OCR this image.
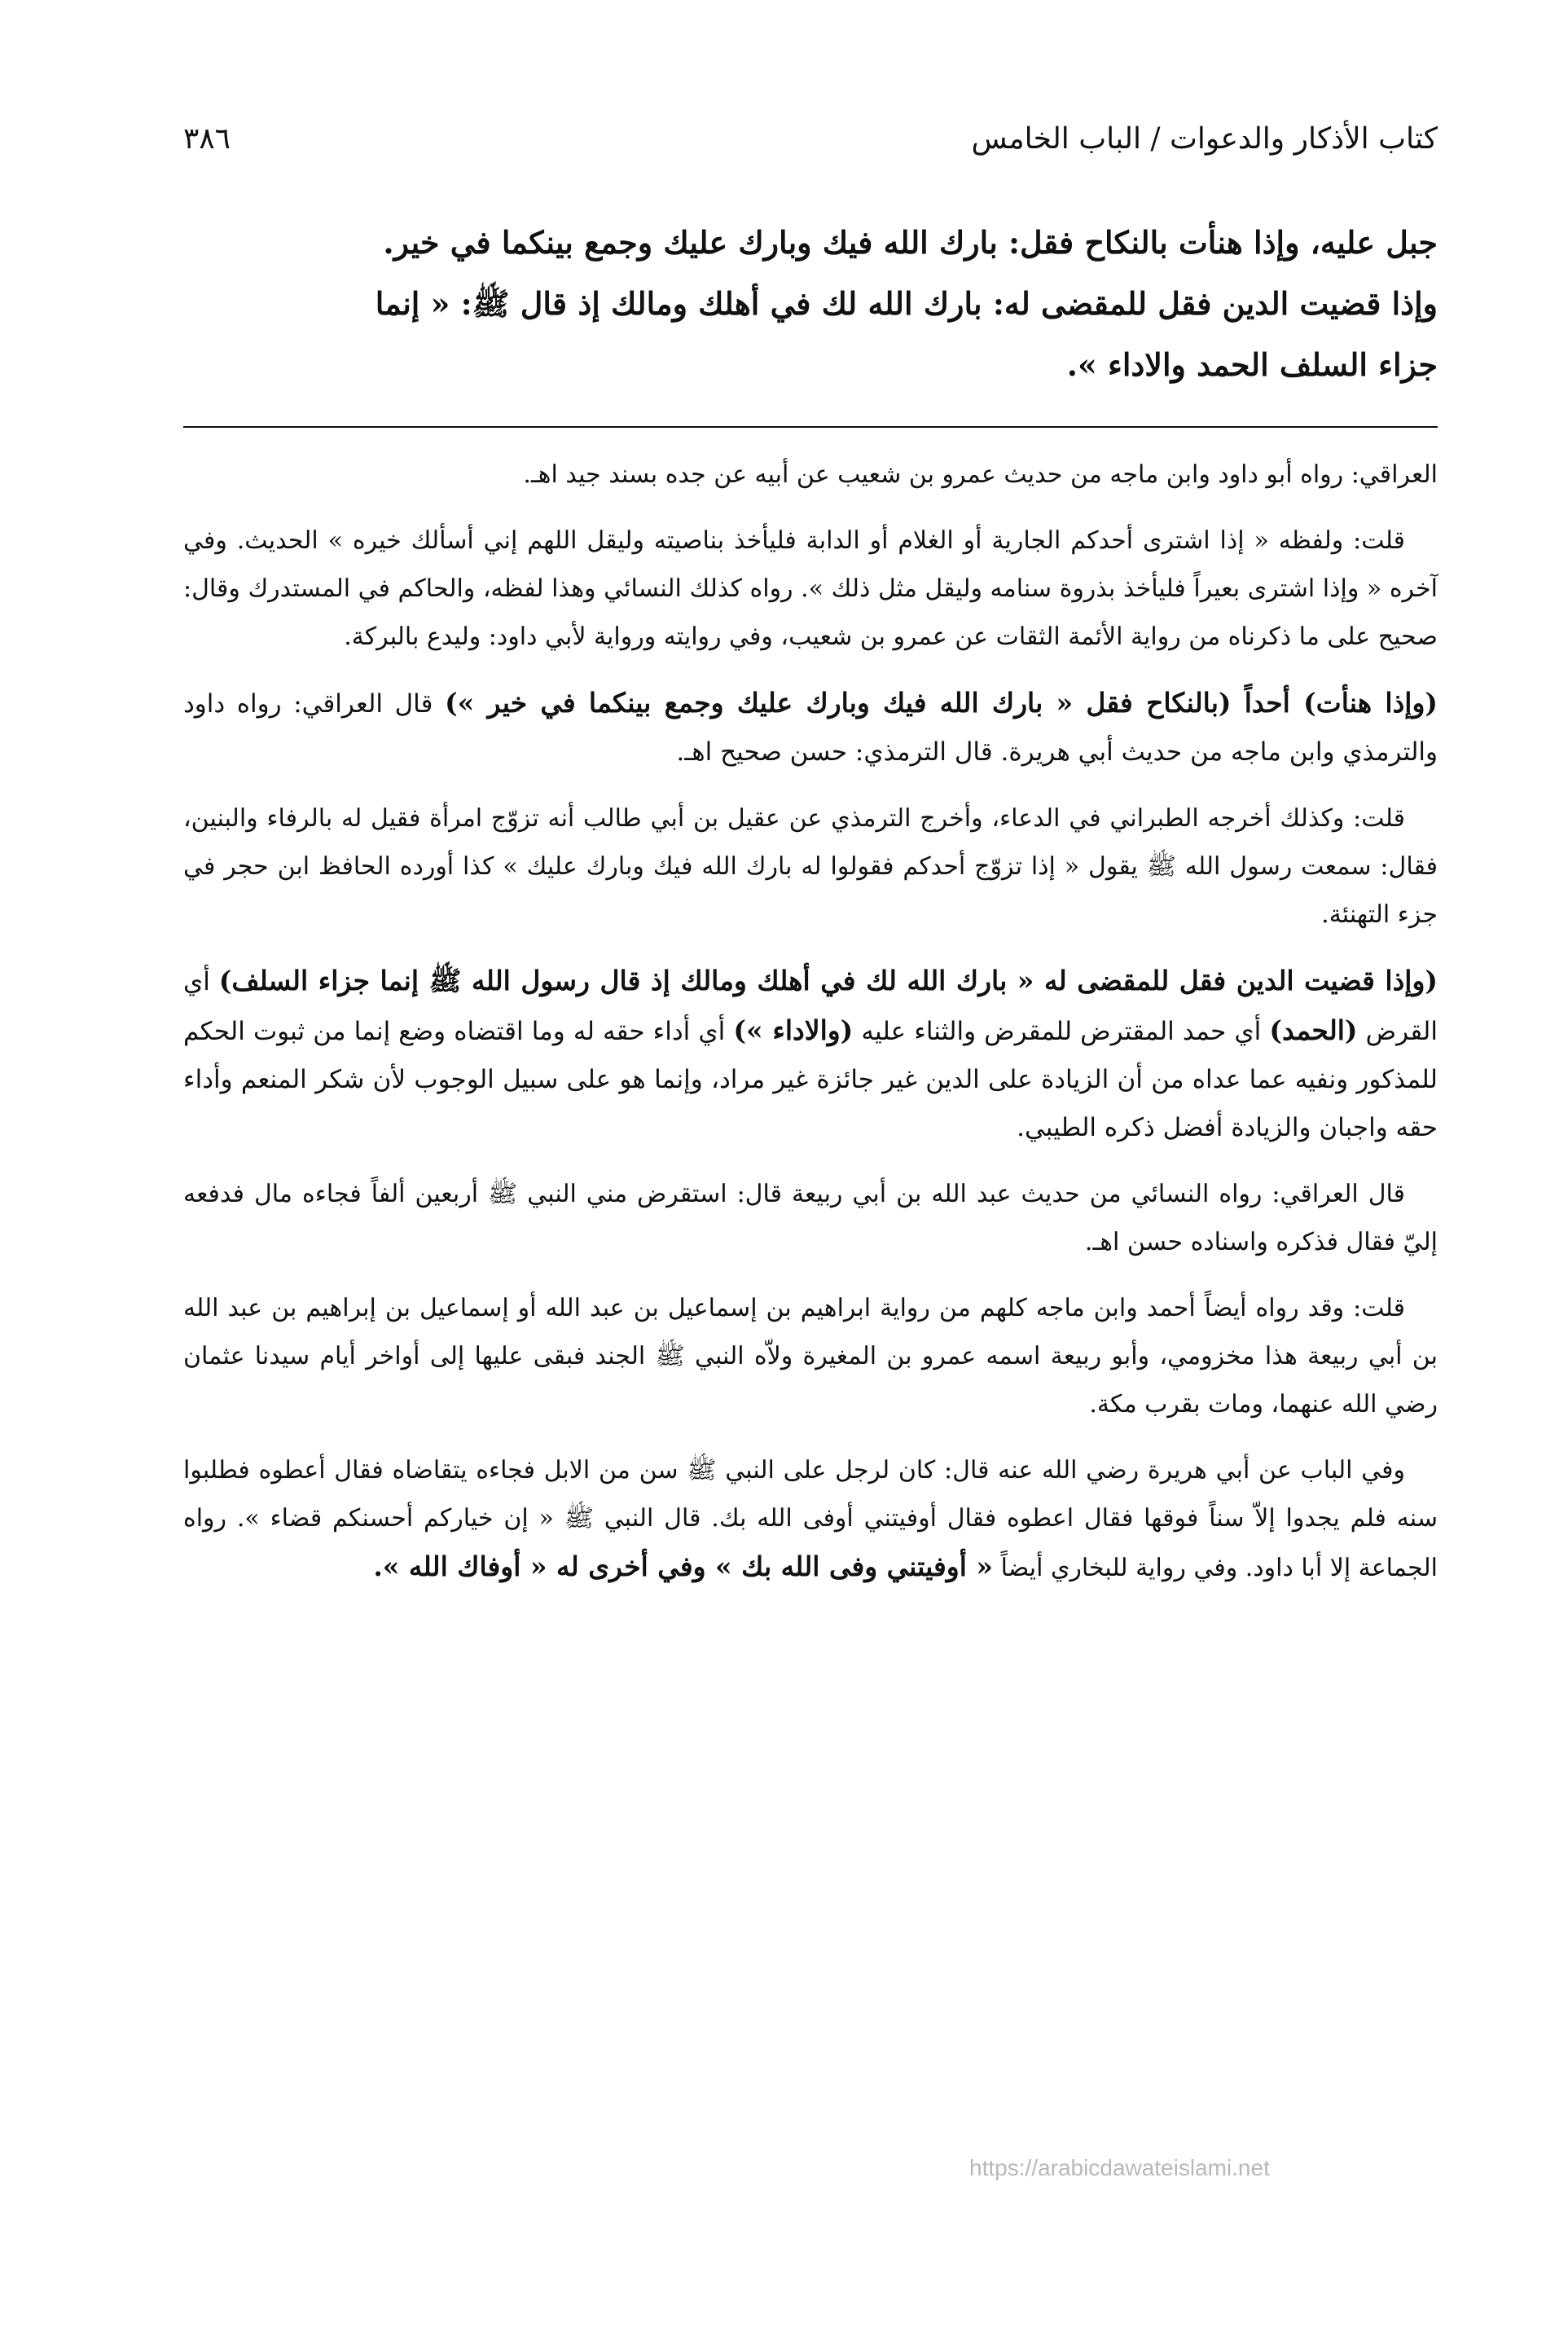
كتاب الأذكار والدعوات / الباب الخامس
٣٨٦

جبل عليه، وإذا هنأت بالنكاح فقل: بارك الله فيك وبارك عليك وجمع بينكما في خير.

وإذا قضيت الدين فقل للمقضى له: بارك الله لك في أهلك ومالك إذ قال ﷺ: « إنما

جزاء السلف الحمد والاداء ».

العراقي: رواه أبو داود وابن ماجه من حديث عمرو بن شعيب عن أبيه عن جده بسند جيد اهـ.

قلت: ولفظه « إذا اشترى أحدكم الجارية أو الغلام أو الدابة فليأخذ بناصيته وليقل اللهم إني أسألك خيره » الحديث. وفي آخره « وإذا اشترى بعيراً فليأخذ بذروة سنامه وليقل مثل ذلك ». رواه كذلك النسائي وهذا لفظه، والحاكم في المستدرك وقال: صحيح على ما ذكرناه من رواية الأئمة الثقات عن عمرو بن شعيب، وفي روايته ورواية لأبي داود: وليدع بالبركة.

(وإذا هنأت) أحداً (بالنكاح فقل « بارك الله فيك وبارك عليك وجمع بينكما في خير ») قال العراقي: رواه داود والترمذي وابن ماجه من حديث أبي هريرة. قال الترمذي: حسن صحيح اهـ.

قلت: وكذلك أخرجه الطبراني في الدعاء، وأخرج الترمذي عن عقيل بن أبي طالب أنه تزوّج امرأة فقيل له بالرفاء والبنين، فقال: سمعت رسول الله ﷺ يقول « إذا تزوّج أحدكم فقولوا له بارك الله فيك وبارك عليك » كذا أورده الحافظ ابن حجر في جزء التهنئة.

(وإذا قضيت الدين فقل للمقضى له « بارك الله لك في أهلك ومالك إذ قال رسول الله ﷺ إنما جزاء السلف) أي القرض (الحمد) أي حمد المقترض للمقرض والثناء عليه (والاداء ») أي أداء حقه له وما اقتضاه وضع إنما من ثبوت الحكم للمذكور ونفيه عما عداه من أن الزيادة على الدين غير جائزة غير مراد، وإنما هو على سبيل الوجوب لأن شكر المنعم وأداء حقه واجبان والزيادة أفضل ذكره الطيبي.

قال العراقي: رواه النسائي من حديث عبد الله بن أبي ربيعة قال: استقرض مني النبي ﷺ أربعين ألفاً فجاءه مال فدفعه إليّ فقال فذكره واسناده حسن اهـ.

قلت: وقد رواه أيضاً أحمد وابن ماجه كلهم من رواية ابراهيم بن إسماعيل بن عبد الله أو إسماعيل بن إبراهيم بن عبد الله بن أبي ربيعة هذا مخزومي، وأبو ربيعة اسمه عمرو بن المغيرة ولاّه النبي ﷺ الجند فبقى عليها إلى أواخر أيام سيدنا عثمان رضي الله عنهما، ومات بقرب مكة.

وفي الباب عن أبي هريرة رضي الله عنه قال: كان لرجل على النبي ﷺ سن من الابل فجاءه يتقاضاه فقال أعطوه فطلبوا سنه فلم يجدوا إلاّ سناً فوقها فقال اعطوه فقال أوفيتني أوفى الله بك. قال النبي ﷺ « إن خياركم أحسنكم قضاء ». رواه الجماعة إلا أبا داود. وفي رواية للبخاري أيضاً « أوفيتني وفى الله بك » وفي أخرى له « أوفاك الله ».

https://arabicdawateislami.net
